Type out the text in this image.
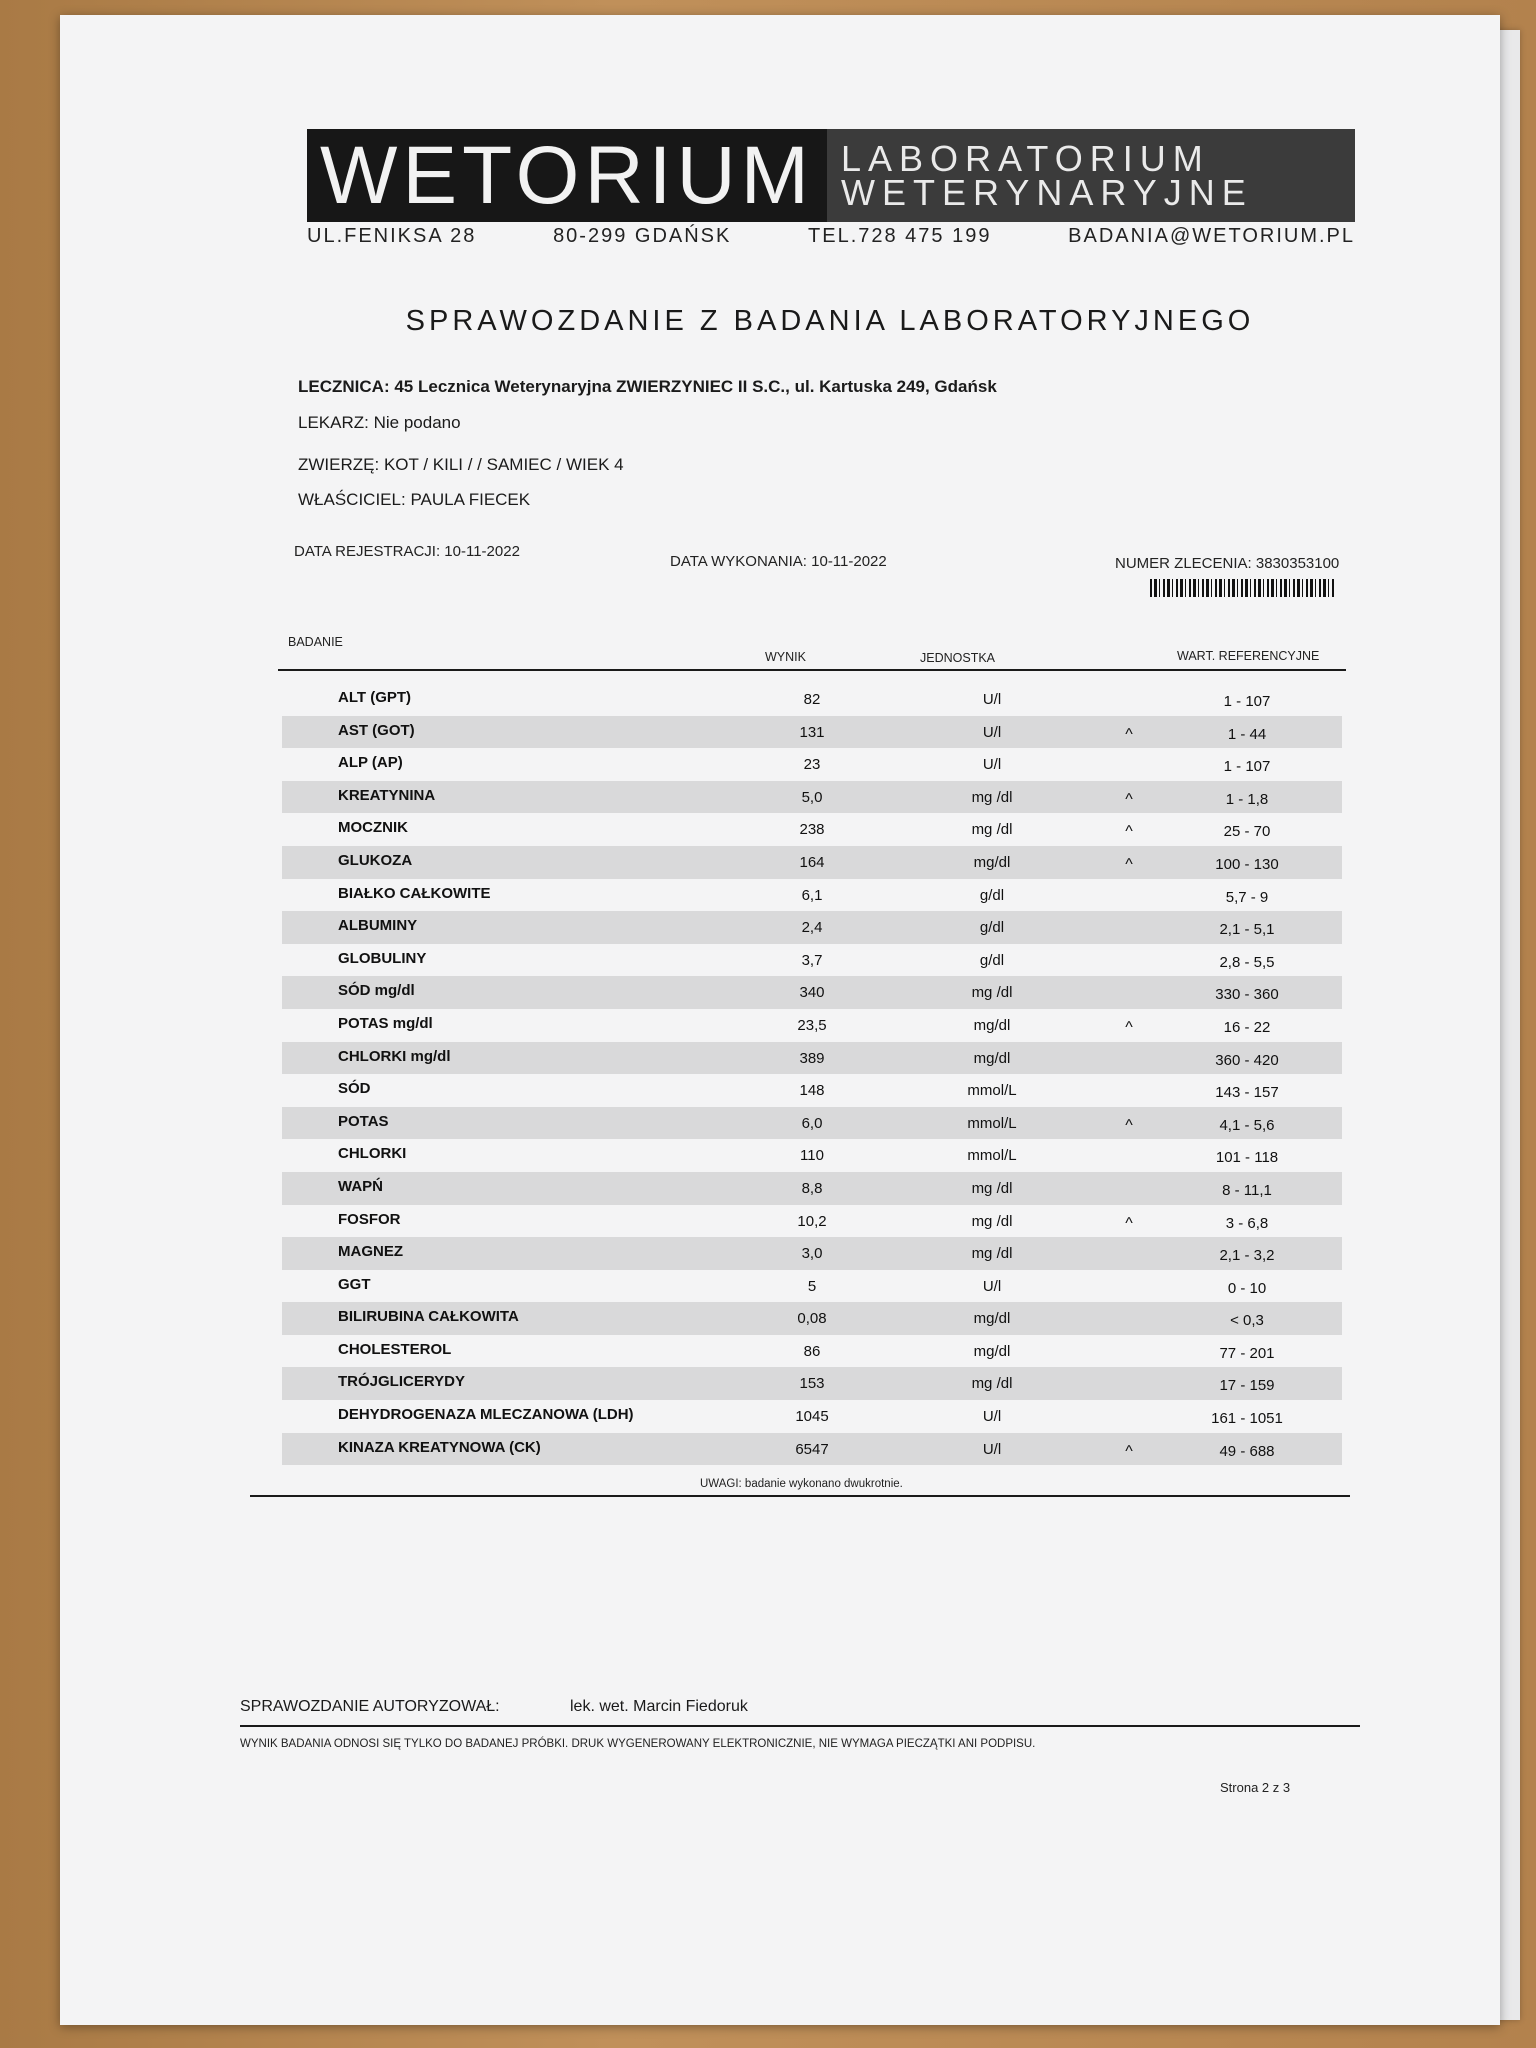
WETORIUM LABORATORIUM
WETERYNARYJNE
UL.FENIKSA 28	80-299 GDAŃSK	TEL.728 475 199	BADANIA@WETORIUM.PL
SPRAWOZDANIE Z BADANIA LABORATORYJNEGO
LECZNICA: 45 Lecznica Weterynaryjna ZWIERZYNIEC II S.C., ul. Kartuska 249, Gdańsk
LEKARZ: Nie podano
ZWIERZĘ: KOT / KILI / / SAMIEC / WIEK 4
WŁAŚCICIEL: PAULA FIECEK
DATA REJESTRACJI: 10-11-2022
DATA WYKONANIA: 10-11-2022	NUMER ZLECENIA: 3830353100
BADANIE
WYNIK	JEDNOSTKA	WART. REFERENCYJNE
ALT (GPT)	82	U/l	1 - 107
AST (GOT)	131	U/l	^	1 - 44
ALP (AP)	23	U/l	1 - 107
KREATYNINA	5,0	mg /dl	^	1 - 1,8
MOCZNIK	238	mg /dl	^	25 - 70
GLUKOZA	164	mg/dl	^	100 - 130
BIAŁKO CAŁKOWITE	6,1	g/dl	5,7 - 9
ALBUMINY	2,4	g/dl	2,1 - 5,1
GLOBULINY	3,7	g/dl	2,8 - 5,5
SÓD mg/dl	340	mg /dl	330 - 360
POTAS mg/dl	23,5	mg/dl	^	16 - 22
CHLORKI mg/dl	389	mg/dl	360 - 420
SÓD	148	mmol/L	143 - 157
POTAS	6,0	mmol/L	^	4,1 - 5,6
CHLORKI	110	mmol/L	101 - 118
WAPŃ	8,8	mg /dl	8 - 11,1
FOSFOR	10,2	mg /dl	^	3 - 6,8
MAGNEZ	3,0	mg /dl	2,1 - 3,2
GGT	5	U/l	0 - 10
BILIRUBINA CAŁKOWITA	0,08	mg/dl	< 0,3
CHOLESTEROL	86	mg/dl	77 - 201
TRÓJGLICERYDY	153	mg /dl	17 - 159
DEHYDROGENAZA MLECZANOWA (LDH)	1045	U/l	161 - 1051
KINAZA KREATYNOWA (CK)	6547	U/l	^	49 - 688
UWAGI: badanie wykonano dwukrotnie.
SPRAWOZDANIE AUTORYZOWAŁ:	lek. wet. Marcin Fiedoruk
WYNIK BADANIA ODNOSI SIĘ TYLKO DO BADANEJ PRÓBKI. DRUK WYGENEROWANY ELEKTRONICZNIE, NIE WYMAGA PIECZĄTKI ANI PODPISU.
Strona 2 z 3
